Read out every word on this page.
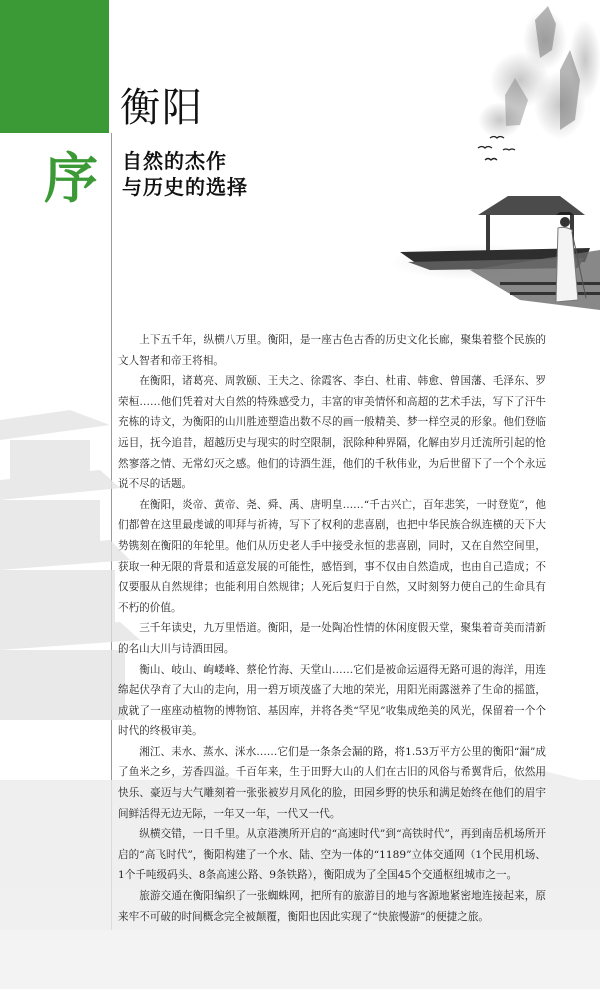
序
衡阳
自然的杰作
与历史的选择

上下五千年，纵横八万里。衡阳，是一座古色古香的历史文化长廊，聚集着整个民族的文人智者和帝王将相。

在衡阳，诸葛亮、周敦颐、王夫之、徐霞客、李白、杜甫、韩愈、曾国藩、毛泽东、罗荣桓……他们凭着对大自然的特殊感受力，丰富的审美情怀和高超的艺术手法，写下了汗牛充栋的诗文，为衡阳的山川胜迹塑造出数不尽的画一般精美、梦一样空灵的形象。他们登临远目，抚今追昔，超越历史与现实的时空限制，泯除种种界隔，化解由岁月迁流所引起的怆然寥落之情、无常幻灭之感。他们的诗酒生涯，他们的千秋伟业，为后世留下了一个个永远说不尽的话题。

在衡阳，炎帝、黄帝、尧、舜、禹、唐明皇……“千古兴亡，百年悲笑，一时登览”，他们都曾在这里最虔诚的叩拜与祈祷，写下了权利的悲喜剧，也把中华民族合纵连横的天下大势镌刻在衡阳的年轮里。他们从历史老人手中接受永恒的悲喜剧，同时，又在自然空间里，获取一种无限的背景和适意发展的可能性，感悟到，事不仅由自然造成，也由自己造成；不仅要服从自然规律；也能利用自然规律；人死后复归于自然，又时刻努力使自己的生命具有不朽的价值。

三千年读史，九万里悟道。衡阳，是一处陶冶性情的休闲度假天堂，聚集着奇美而清新的名山大川与诗酒田园。

衡山、岐山、岣嵝峰、蔡伦竹海、天堂山……它们是被命运逼得无路可退的海洋，用连绵起伏孕育了大山的走向，用一碧万顷茂盛了大地的荣光，用阳光雨露滋养了生命的摇篮，成就了一座座动植物的博物馆、基因库，并将各类“罕见”收集成绝美的风光，保留着一个个时代的终极审美。

湘江、耒水、蒸水、洣水……它们是一条条会漏的路，将1.53万平方公里的衡阳“漏”成了鱼米之乡，芳香四溢。千百年来，生于田野大山的人们在古旧的风俗与希翼背后，依然用快乐、豪迈与大气雕刻着一张张被岁月风化的脸，田园乡野的快乐和满足始终在他们的眉宇间鲜活得无边无际，一年又一年，一代又一代。

纵横交错，一日千里。从京港澳所开启的“高速时代”到“高铁时代”，再到南岳机场所开启的“高飞时代”，衡阳构建了一个水、陆、空为一体的“1189”立体交通网（1个民用机场、1个千吨级码头、8条高速公路、9条铁路），衡阳成为了全国45个交通枢纽城市之一。

旅游交通在衡阳编织了一张蜘蛛网，把所有的旅游目的地与客源地紧密地连接起来，原来牢不可破的时间概念完全被颠覆，衡阳也因此实现了“快旅慢游”的便捷之旅。
